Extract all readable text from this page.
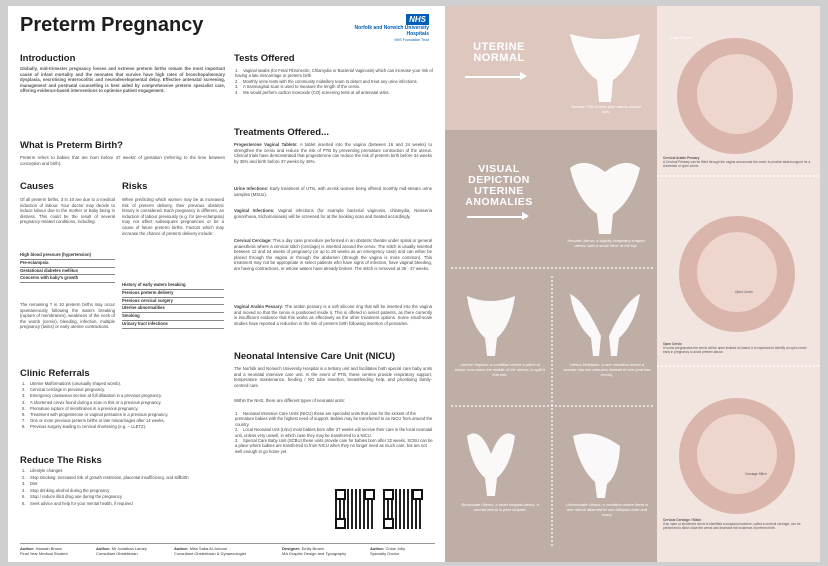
Preterm Pregnancy	NHS
Norfolk and Norwich University Hospitals
NHS Foundation Trust
Introduction
Globally, mid-trimester pregnancy losses and extreme preterm births remain the most important cause of infant mortality and the neonates that survive have high rates of bronchopulmonary dysplasia, necrotising enterocolitis and neurodevelopmental delay. Effective antenatal screening, management and postnatal counselling is best aided by comprehensive preterm specialist care, offering evidence-based interventions to optimise patient engagement.
What is Preterm Birth?
Preterm refers to babies that are born before 37 weeks' of gestation (referring to the time between conception and birth).
Causes
Of all preterm births, 3 in 10 are due to a medical induction of labour. Your doctor may decide to induce labour due to the mother or baby being in distress. This could be the result of several pregnancy-related conditions, including:
High blood pressure (hypertension)
Pre-eclampsia
Gestational diabetes mellitus
Concerns with baby's growth
The remaining 7 in 10 preterm births may occur spontaneously following the waters breaking (rupture of membranes), weakness of the neck of the womb (cervix), bleeding, infection, multiple pregnancy (twins) or early uterine contractions.
Risks
When predicting which women may be at increased risk of preterm delivery, their previous obstetric history is considered. Each pregnancy is different, an induction of labour previously (e.g. for pre-eclampsia) may not affect subsequent pregnancies or be a cause of future preterm births. Factors which may increase the chance of preterm delivery include:
History of early waters breaking
Previous preterm delivery
Previous cervical surgery
Uterine abnormalities
Smoking
Urinary tract infections
Clinic Referrals
1. Uterine Malformations (unusually shaped womb).
2. Cervical cerclage in previous pregnancy.
3. Emergency caesarean section at full dilatation in a previous pregnancy.
4. A shortened cervix found during a scan in this or a previous pregnancy.
5. Premature rupture of membranes in a previous pregnancy.
6. Treatment with progesterone or vaginal pessaries in a previous pregnancy.
7. One or more previous preterm births or late miscarriages after 14 weeks.
8. Previous surgery leading to cervical shortening (e.g. – LLETZ).
Reduce The Risks
1. Lifestyle changes
2. Stop smoking: increased risk of growth restriction, placental insufficiency, and stillbirth
3. Diet
4. Stop drinking alcohol during the pregnancy
5. Stop / reduce illicit drug use during the pregnancy
6. Seek advice and help for your mental health, if required
Tests Offered
1. Vaginal swabs (for Fetal Fibronectin, Chlamydia or Bacterial Vaginosis) which can increase your risk of having a late miscarriage or preterm birth.
2. Monthly urine tests with the community midwifery team to detect and treat any urine infections.
3. A transvaginal scan is used to measure the length of the cervix.
4. We would perform carbon monoxide (CO) screening tests at all antenatal visits.
Treatments Offered...
Progesterone Vaginal Tablets: A tablet inserted into the vagina (between 16 and 24 weeks) to strengthen the cervix and reduce the risk of PTB by preventing premature contraction of the uterus. Clinical trials have demonstrated that progesterone can reduce the risk of preterm birth before 34 weeks by 35% and birth before 37 weeks by 46%.
Urine Infections: Early treatment of UTIs, with at-risk women being offered monthly mid-stream urine samples (MSUs).
Vaginal Infections: Vaginal infections (for example bacterial vaginosis, chlamydia, Neisseria gonorrhoea, trichomoniasis) will be screened for at the booking scan and treated accordingly.
Cervical Cerclage: This a day case procedure performed in an obstetric theatre under spinal or general anaesthetic where a cervical stitch (cerclage) is inserted around the cervix. The stitch is usually inserted between 12 and 24 weeks of pregnancy (or up to 28 weeks as an emergency case) and can either be placed through the vagina or through the abdomen (through the vagina is more common). This treatment may not be appropriate in select patients who have signs of infection, have vaginal bleeding, are having contractions, or whose waters have already broken. The stitch is removed at 36 - 37 weeks.
Vaginal Arabin Pessary: The arabin pessary is a soft silicone ring that will be inserted into the vagina and moved so that the cervix is positioned inside it. This is offered in select patients, as there currently is insufficient evidence that this works as effectively as the other treatment options. Some small-scale studies have reported a reduction in the risk of preterm birth following insertion of pessaries.
Neonatal Intensive Care Unit (NICU)
The Norfolk and Norwich University Hospital is a tertiary unit and facilitates both special care baby units and a neonatal intensive care unit. In the event of PTB, these centres provide respiratory support, temperature maintenance, feeding / NG tube insertion, breastfeeding help, and prioritising family-centred care.
Within the NHS, there are different types of neonatal units:
1. Neonatal Intensive Care Units (NICU) these are specialist units that care for the sickest of the premature babies with the highest need of support. Babies may be transferred to an NICU from around the country.
2. Local Neonatal Unit (LNU) most babies born after 27 weeks will receive their care in the local neonatal unit, unless very unwell, in which case they may be transferred to a NICU.
3. Special Care Baby Unit (SCBU) these units provide care for babies born after 32 weeks. SCBU can be a place where babies are transferred to from NICU when they no longer need as much care, but are not well enough to go home yet.
Author: Hannah Brown
Final Year Medical Student
Author: Mr Jonathan Lamey
Consultant Obstetrician
Author: Miss Saba Al-Jubouri
Consultant Obstetrician & Gynaecologist
Designer: Emily Brown
MA Graphic Design and Typography
Author: Chloe Jolly
Specialty Doctor
UTERINE
NORMAL
VISUAL
DEPICTION
UTERINE
ANOMALIES
Normal: This is how your uterus should look.
Arcuate Uterus: a slightly irregularly shaped uterus, with a small 'dent' at the top.
Uterine Septum: a condition where a piece of tissue runs down the middle of the uterus, to split it into two.
Uterus Didelphis: a rare condition where a woman has two uteruses instead of one (and two cervix).
Bicornuate Uterus: a heart shaped uterus, a normal uterus is pear shaped.
Unicornuate Uterus: a condition where there is one uterus attached to one fallopian tube and ovary.
Arabin Pessary
Open Cervix
Cerclage Stitch
Cervical Arabin Pessary
A Cervical Pessary can be fitted through the vagina and around the cervix to provide added support for a shortened or open cervix.
Open Cervix
In some pregnancies the cervix will be open instead of closed. It is important to identify an open cervix early in pregnancy to avoid preterm labour.
Cervical Cerclage / Stitch
If an open or shortened cervix is identified a surgical procedure, called a cervical cerclage, can be performed to stitch close the cervix and decrease the incidence of preterm birth.
